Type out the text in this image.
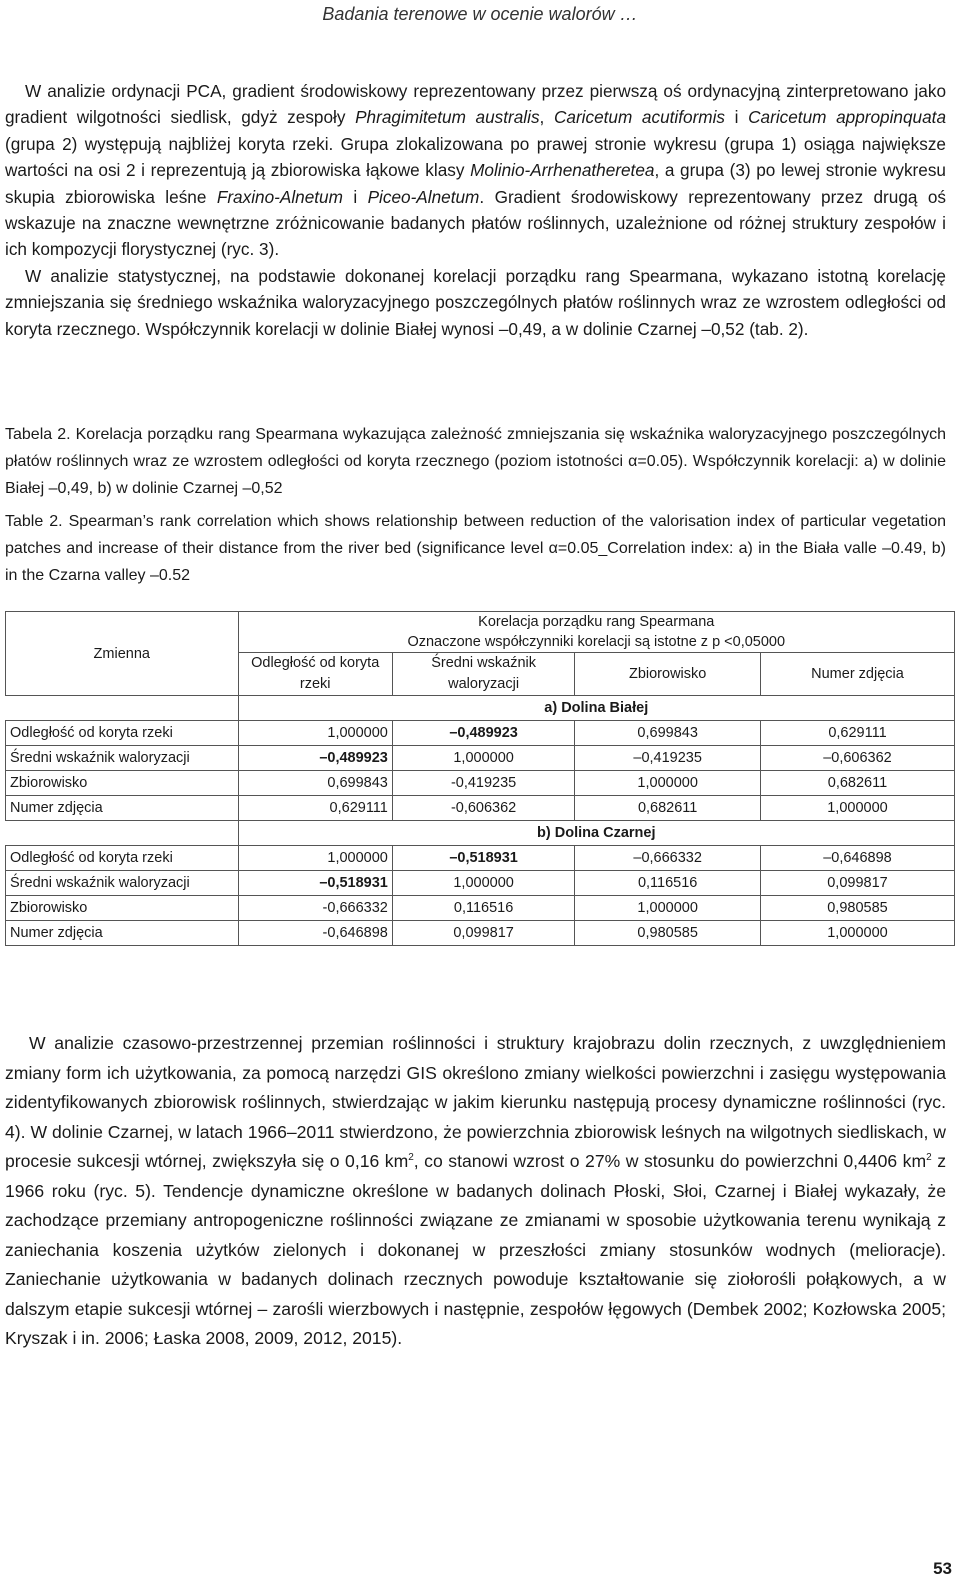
Badania terenowe w ocenie walorów …

W analizie ordynacji PCA, gradient środowiskowy reprezentowany przez pierwszą oś ordynacyjną zinterpretowano jako gradient wilgotności siedlisk, gdyż zespoły Phragimitetum australis, Caricetum acutiformis i Caricetum appropinquata (grupa 2) występują najbliżej koryta rzeki. Grupa zlokalizowana po prawej stronie wykresu (grupa 1) osiąga największe wartości na osi 2 i reprezentują ją zbiorowiska łąkowe klasy Molinio-Arrhenatheretea, a grupa (3) po lewej stronie wykresu skupia zbiorowiska leśne Fraxino-Alnetum i Piceo-Alnetum. Gradient środowiskowy reprezentowany przez drugą oś wskazuje na znaczne wewnętrzne zróżnicowanie badanych płatów roślinnych, uzależnione od różnej struktury zespołów i ich kompozycji florystycznej (ryc. 3).
W analizie statystycznej, na podstawie dokonanej korelacji porządku rang Spearmana, wykazano istotną korelację zmniejszania się średniego wskaźnika waloryzacyjnego poszczególnych płatów roślinnych wraz ze wzrostem odległości od koryta rzecznego. Współczynnik korelacji w dolinie Białej wynosi –0,49, a w dolinie Czarnej –0,52 (tab. 2).

Tabela 2. Korelacja porządku rang Spearmana wykazująca zależność zmniejszania się wskaźnika waloryzacyjnego poszczególnych płatów roślinnych wraz ze wzrostem odległości od koryta rzecznego (poziom istotności α=0.05). Współczynnik korelacji: a) w dolinie Białej –0,49, b) w dolinie Czarnej –0,52

Table 2. Spearman’s rank correlation which shows relationship between reduction of the valorisation index of particular vegetation patches and increase of their distance from the river bed (significance level α=0.05_Correlation index: a) in the Biała valle –0.49, b) in the Czarna valley –0.52

Zmienna	Korelacja porządku rang Spearmana
Oznaczone współczynniki korelacji są istotne z p <0,05000			
	Odległość od koryta rzeki	Średni wskaźnik waloryzacji	Zbiorowisko	Numer zdjęcia
	a) Dolina Białej			
Odległość od koryta rzeki	1,000000	–0,489923	0,699843	0,629111
Średni wskaźnik waloryzacji	–0,489923	1,000000	–0,419235	–0,606362
Zbiorowisko	0,699843	-0,419235	1,000000	0,682611
Numer zdjęcia	0,629111	-0,606362	0,682611	1,000000
	b) Dolina Czarnej			
Odległość od koryta rzeki	1,000000	–0,518931	–0,666332	–0,646898
Średni wskaźnik waloryzacji	–0,518931	1,000000	0,116516	0,099817
Zbiorowisko	-0,666332	0,116516	1,000000	0,980585
Numer zdjęcia	-0,646898	0,099817	0,980585	1,000000

W analizie czasowo-przestrzennej przemian roślinności i struktury krajobrazu dolin rzecznych, z uwzględnieniem zmiany form ich użytkowania, za pomocą narzędzi GIS określono zmiany wielkości powierzchni i zasięgu występowania zidentyfikowanych zbiorowisk roślinnych, stwierdzając w jakim kierunku następują procesy dynamiczne roślinności (ryc. 4). W dolinie Czarnej, w latach 1966–2011 stwierdzono, że powierzchnia zbiorowisk leśnych na wilgotnych siedliskach, w procesie sukcesji wtórnej, zwiększyła się o 0,16 $km^2$, co stanowi wzrost o 27% w stosunku do powierzchni 0,4406 $km^2$ z 1966 roku (ryc. 5). Tendencje dynamiczne określone w badanych dolinach Płoski, Słoi, Czarnej i Białej wykazały, że zachodzące przemiany antropogeniczne roślinności związane ze zmianami w sposobie użytkowania terenu wynikają z zaniechania koszenia użytków zielonych i dokonanej w przeszłości zmiany stosunków wodnych (melioracje). Zaniechanie użytkowania w badanych dolinach rzecznych powoduje kształtowanie się ziołorośli połąkowych, a w dalszym etapie sukcesji wtórnej – zarośli wierzbowych i następnie, zespołów łęgowych (Dembek 2002; Kozłowska 2005; Kryszak i in. 2006; Łaska 2008, 2009, 2012, 2015).

53
